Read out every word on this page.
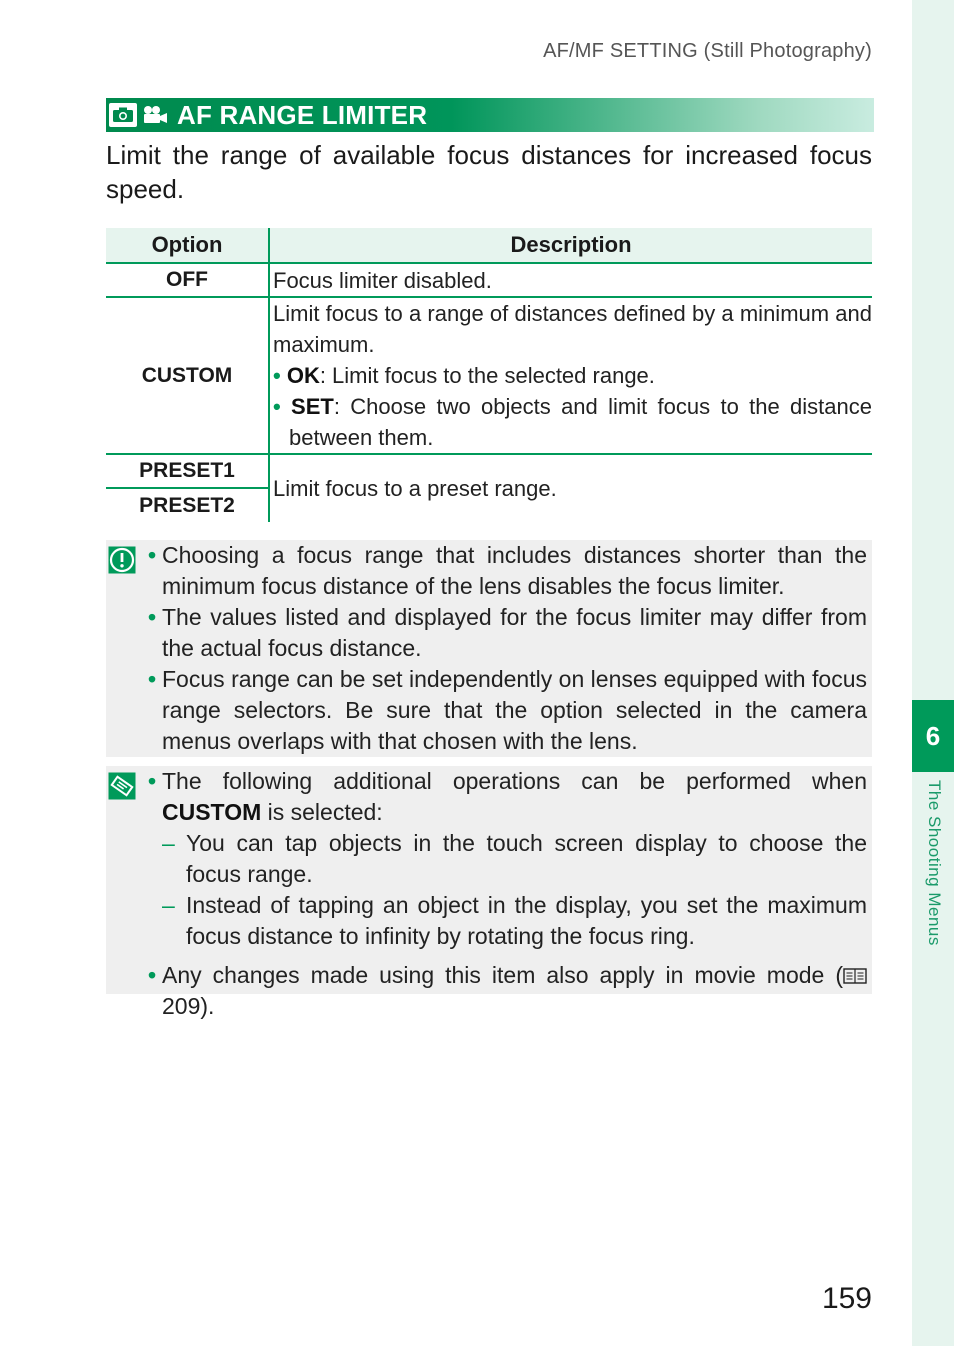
AF/MF SETTING (Still Photography)
6
The Shooting Menus
AF RANGE LIMITER
Limit the range of available focus distances for increased focus speed.
Option	Description
OFF	Focus limiter disabled.
CUSTOM	Limit focus to a range of distances defined by a minimum and maximum.
• OK: Limit focus to the selected range.
• SET: Choose two objects and limit focus to the distance between them.

PRESET1	Limit focus to a preset range.
PRESET2	
• Choosing a focus range that includes distances shorter than the minimum focus distance of the lens disables the focus limiter.
• The values listed and displayed for the focus limiter may differ from the actual focus distance.
• Focus range can be set independently on lenses equipped with focus range selectors. Be sure that the option selected in the camera menus overlaps with that chosen with the lens.
• The following additional operations can be performed when CUSTOM is selected:
– You can tap objects in the touch screen display to choose the focus range.
– Instead of tapping an object in the display, you set the maximum focus distance to infinity by rotating the focus ring.
• Any changes made using this item also apply in movie mode ( 209).
159
